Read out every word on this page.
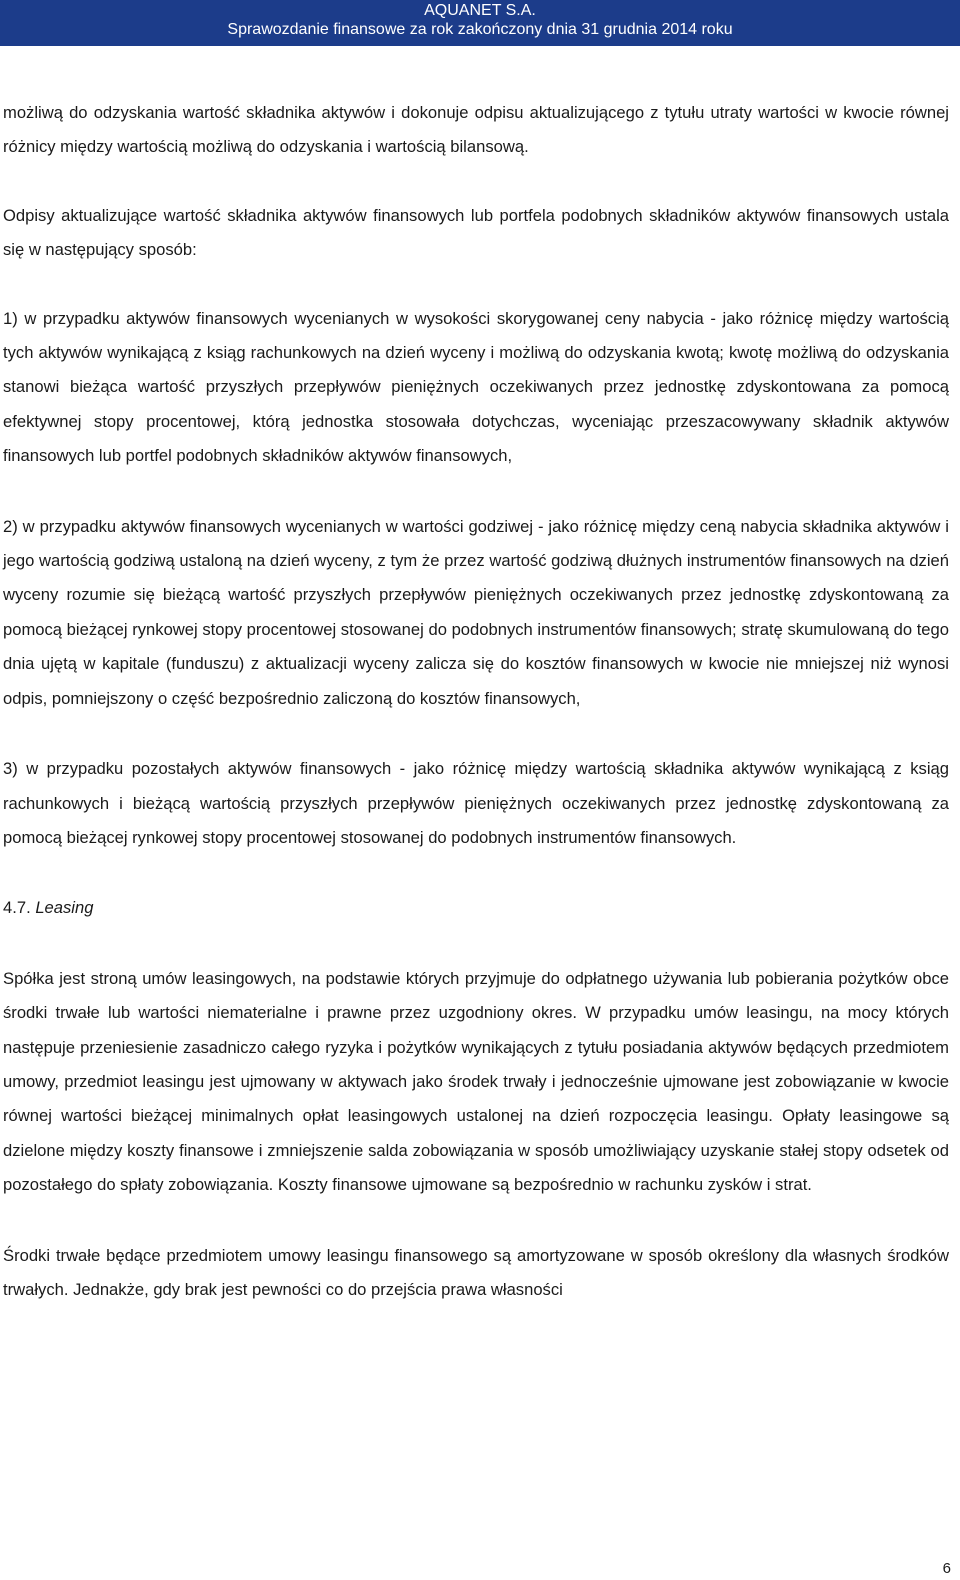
AQUANET S.A.
Sprawozdanie finansowe za rok zakończony dnia 31 grudnia 2014 roku

możliwą do odzyskania wartość składnika aktywów i dokonuje odpisu aktualizującego z tytułu utraty wartości w kwocie równej różnicy między wartością możliwą do odzyskania i wartością bilansową.

Odpisy aktualizujące wartość składnika aktywów finansowych lub portfela podobnych składników aktywów finansowych ustala się w następujący sposób:

1) w przypadku aktywów finansowych wycenianych w wysokości skorygowanej ceny nabycia - jako różnicę między wartością tych aktywów wynikającą z ksiąg rachunkowych na dzień wyceny i możliwą do odzyskania kwotą; kwotę możliwą do odzyskania stanowi bieżąca wartość przyszłych przepływów pieniężnych oczekiwanych przez jednostkę zdyskontowana za pomocą efektywnej stopy procentowej, którą jednostka stosowała dotychczas, wyceniając przeszacowywany składnik aktywów finansowych lub portfel podobnych składników aktywów finansowych,

2) w przypadku aktywów finansowych wycenianych w wartości godziwej - jako różnicę między ceną nabycia składnika aktywów i jego wartością godziwą ustaloną na dzień wyceny, z tym że przez wartość godziwą dłużnych instrumentów finansowych na dzień wyceny rozumie się bieżącą wartość przyszłych przepływów pieniężnych oczekiwanych przez jednostkę zdyskontowaną za pomocą bieżącej rynkowej stopy procentowej stosowanej do podobnych instrumentów finansowych; stratę skumulowaną do tego dnia ujętą w kapitale (funduszu) z aktualizacji wyceny zalicza się do kosztów finansowych w kwocie nie mniejszej niż wynosi odpis, pomniejszony o część bezpośrednio zaliczoną do kosztów finansowych,

3) w przypadku pozostałych aktywów finansowych - jako różnicę między wartością składnika aktywów wynikającą z ksiąg rachunkowych i bieżącą wartością przyszłych przepływów pieniężnych oczekiwanych przez jednostkę zdyskontowaną za pomocą bieżącej rynkowej stopy procentowej stosowanej do podobnych instrumentów finansowych.

4.7. Leasing

Spółka jest stroną umów leasingowych, na podstawie których przyjmuje do odpłatnego używania lub pobierania pożytków obce środki trwałe lub wartości niematerialne i prawne przez uzgodniony okres. W przypadku umów leasingu, na mocy których następuje przeniesienie zasadniczo całego ryzyka i pożytków wynikających z tytułu posiadania aktywów będących przedmiotem umowy, przedmiot leasingu jest ujmowany w aktywach jako środek trwały i jednocześnie ujmowane jest zobowiązanie w kwocie równej wartości bieżącej minimalnych opłat leasingowych ustalonej na dzień rozpoczęcia leasingu. Opłaty leasingowe są dzielone między koszty finansowe i zmniejszenie salda zobowiązania w sposób umożliwiający uzyskanie stałej stopy odsetek od pozostałego do spłaty zobowiązania. Koszty finansowe ujmowane są bezpośrednio w rachunku zysków i strat.

Środki trwałe będące przedmiotem umowy leasingu finansowego są amortyzowane w sposób określony dla własnych środków trwałych. Jednakże, gdy brak jest pewności co do przejścia prawa własności

6
